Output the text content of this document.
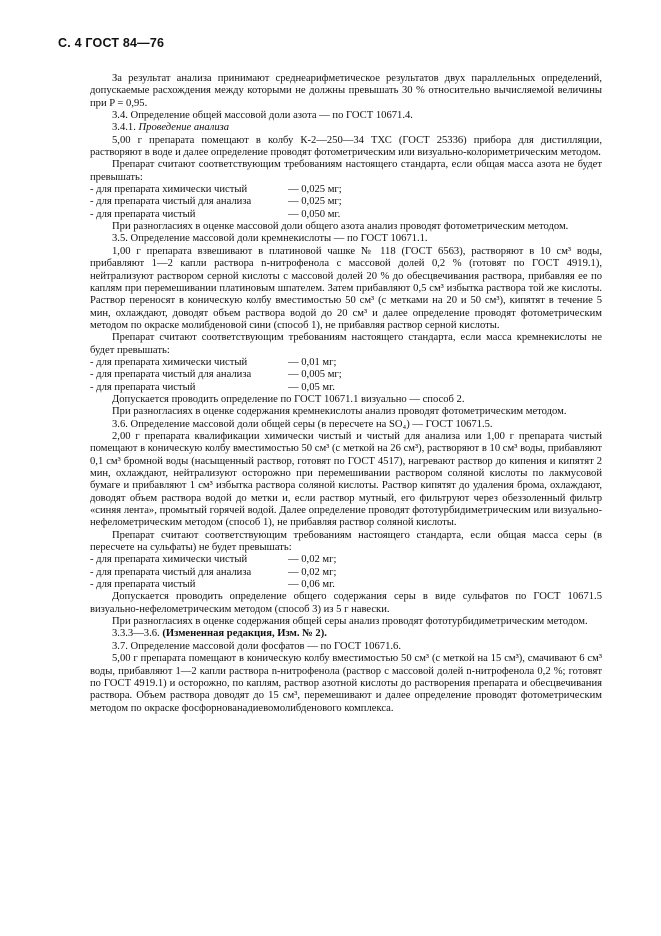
С. 4 ГОСТ 84—76

За результат анализа принимают среднеарифметическое результатов двух параллельных определений, допускаемые расхождения между которыми не должны превышать 30 % относительно вычисляемой величины при P = 0,95.

3.4. Определение общей массовой доли азота — по ГОСТ 10671.4.

3.4.1. Проведение анализа

5,00 г препарата помещают в колбу К-2—250—34 ТХС (ГОСТ 25336) прибора для дистилляции, растворяют в воде и далее определение проводят фотометрическим или визуально-колориметрическим методом.

Препарат считают соответствующим требованиям настоящего стандарта, если общая масса азота не будет превышать:

- для препарата химически чистый	— 0,025 мг;
- для препарата чистый для анализа	— 0,025 мг;
- для препарата чистый	— 0,050 мг.

При разногласиях в оценке массовой доли общего азота анализ проводят фотометрическим методом.

3.5. Определение массовой доли кремнекислоты — по ГОСТ 10671.1.

1,00 г препарата взвешивают в платиновой чашке № 118 (ГОСТ 6563), растворяют в 10 см³ воды, прибавляют 1—2 капли раствора n-нитрофенола с массовой долей 0,2 % (готовят по ГОСТ 4919.1), нейтрализуют раствором серной кислоты с массовой долей 20 % до обесцвечивания раствора, прибавляя ее по каплям при перемешивании платиновым шпателем. Затем прибавляют 0,5 см³ избытка раствора той же кислоты. Раствор переносят в коническую колбу вместимостью 50 см³ (с метками на 20 и 50 см³), кипятят в течение 5 мин, охлаждают, доводят объем раствора водой до 20 см³ и далее определение проводят фотометрическим методом по окраске молибденовой сини (способ 1), не прибавляя раствор серной кислоты.

Препарат считают соответствующим требованиям настоящего стандарта, если масса кремнекислоты не будет превышать:

- для препарата химически чистый	— 0,01 мг;
- для препарата чистый для анализа	— 0,005 мг;
- для препарата чистый	— 0,05 мг.

Допускается проводить определение по ГОСТ 10671.1 визуально — способ 2.

При разногласиях в оценке содержания кремнекислоты анализ проводят фотометрическим методом.

3.6. Определение массовой доли общей серы (в пересчете на SO₄) — ГОСТ 10671.5.

2,00 г препарата квалификации химически чистый и чистый для анализа или 1,00 г препарата чистый помещают в коническую колбу вместимостью 50 см³ (с меткой на 26 см³), растворяют в 10 см³ воды, прибавляют 0,1 см³ бромной воды (насыщенный раствор, готовят по ГОСТ 4517), нагревают раствор до кипения и кипятят 2 мин, охлаждают, нейтрализуют осторожно при перемешивании раствором соляной кислоты по лакмусовой бумаге и прибавляют 1 см³ избытка раствора соляной кислоты. Раствор кипятят до удаления брома, охлаждают, доводят объем раствора водой до метки и, если раствор мутный, его фильтруют через обеззоленный фильтр «синяя лента», промытый горячей водой. Далее определение проводят фототурбидиметрическим или визуально-нефелометрическим методом (способ 1), не прибавляя раствор соляной кислоты.

Препарат считают соответствующим требованиям настоящего стандарта, если общая масса серы (в пересчете на сульфаты) не будет превышать:

- для препарата химически чистый	— 0,02 мг;
- для препарата чистый для анализа	— 0,02 мг;
- для препарата чистый	— 0,06 мг.

Допускается проводить определение общего содержания серы в виде сульфатов по ГОСТ 10671.5 визуально-нефелометрическим методом (способ 3) из 5 г навески.

При разногласиях в оценке содержания общей серы анализ проводят фототурбидиметрическим методом.

3.3.3—3.6. (Измененная редакция, Изм. № 2).

3.7. Определение массовой доли фосфатов — по ГОСТ 10671.6.

5,00 г препарата помещают в коническую колбу вместимостью 50 см³ (с меткой на 15 см³), смачивают 6 см³ воды, прибавляют 1—2 капли раствора n-нитрофенола (раствор с массовой долей n-нитрофенола 0,2 %; готовят по ГОСТ 4919.1) и осторожно, по каплям, раствор азотной кислоты до растворения препарата и обесцвечивания раствора. Объем раствора доводят до 15 см³, перемешивают и далее определение проводят фотометрическим методом по окраске фосфорнованадиевомолибденового комплекса.
